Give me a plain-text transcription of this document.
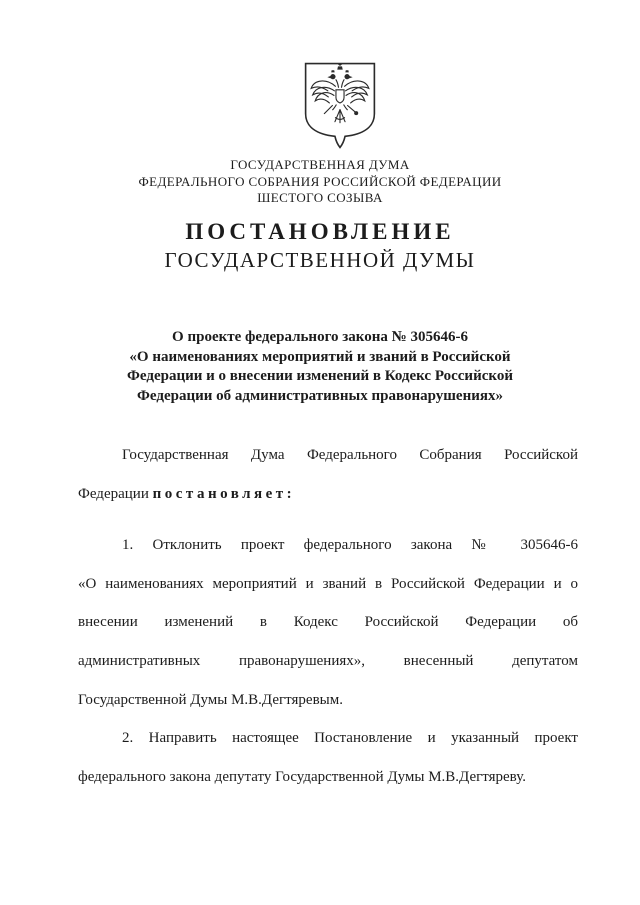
ГОСУДАРСТВЕННАЯ ДУМА
ФЕДЕРАЛЬНОГО СОБРАНИЯ РОССИЙСКОЙ ФЕДЕРАЦИИ
ШЕСТОГО СОЗЫВА
ПОСТАНОВЛЕНИЕ
ГОСУДАРСТВЕННОЙ ДУМЫ
О проекте федерального закона № 305646-6
«О наименованиях мероприятий и званий в Российской
Федерации и о внесении изменений в Кодекс Российской
Федерации об административных правонарушениях»
Государственная Дума Федерального Собрания Российской
Федерации постановляет:
1. Отклонить проект федерального закона № 305646-6
«О наименованиях мероприятий и званий в Российской Федерации и о
внесении изменений в Кодекс Российской Федерации об
административных правонарушениях», внесенный депутатом
Государственной Думы М.В.Дегтяревым.
2. Направить настоящее Постановление и указанный проект
федерального закона депутату Государственной Думы М.В.Дегтяреву.
